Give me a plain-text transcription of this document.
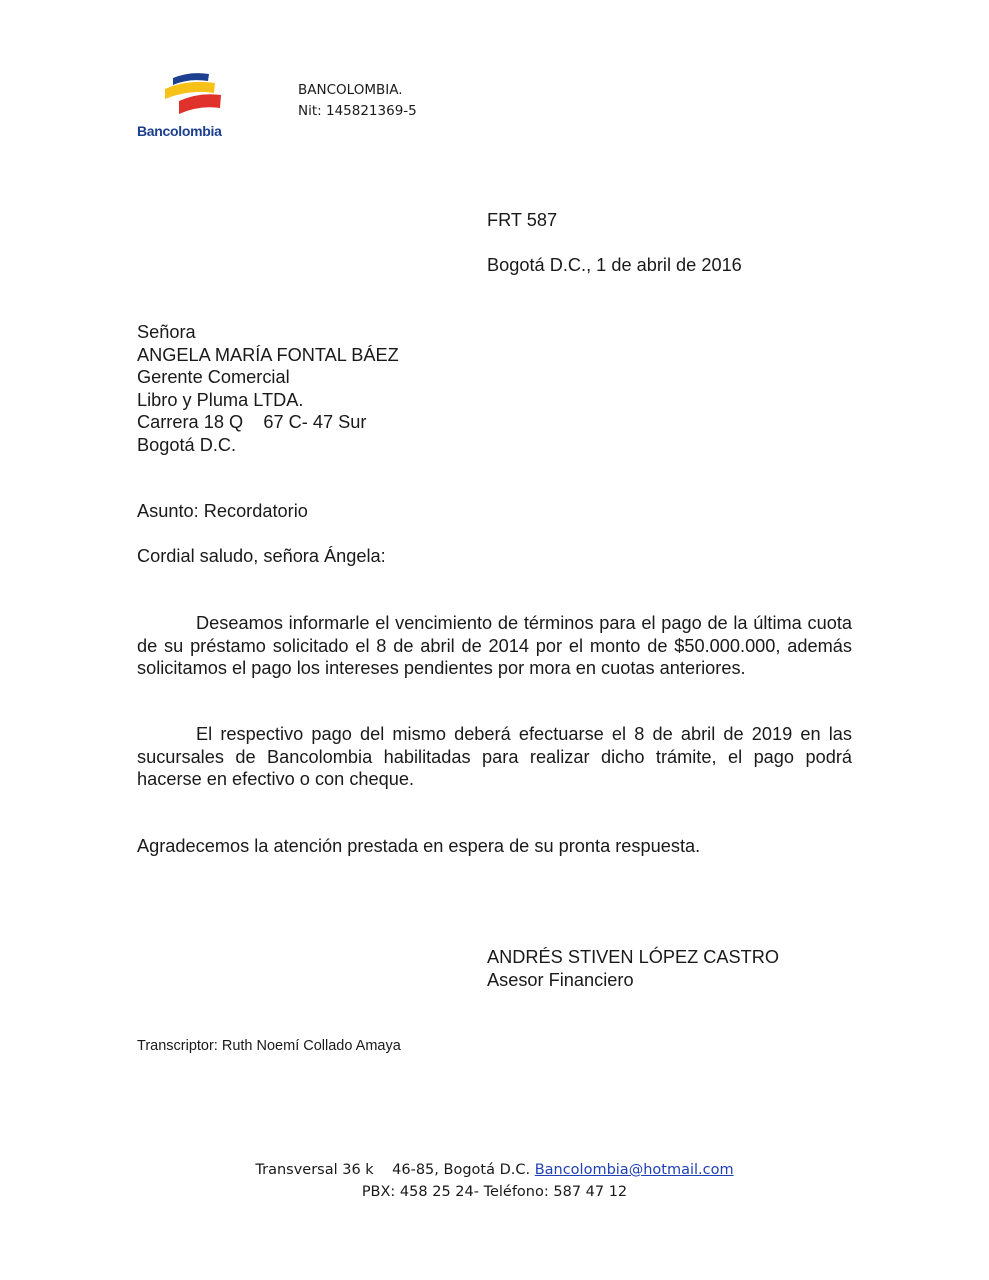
Bancolombia
BANCOLOMBIA.
Nit: 145821369-5
FRT 587
Bogotá D.C., 1 de abril de 2016
Señora
ANGELA MARÍA FONTAL BÁEZ
Gerente Comercial
Libro y Pluma LTDA.
Carrera 18 Q    67 C- 47 Sur
Bogotá D.C.
Asunto: Recordatorio
Cordial saludo, señora Ángela:
Deseamos informarle el vencimiento de términos para el pago de la última cuota de su préstamo solicitado el 8 de abril de 2014 por el monto de $50.000.000, además solicitamos el pago los intereses pendientes por mora en cuotas anteriores.
El respectivo pago del mismo deberá efectuarse el 8 de abril de 2019 en las sucursales de Bancolombia habilitadas para realizar dicho trámite, el pago podrá hacerse en efectivo o con cheque.
Agradecemos la atención prestada en espera de su pronta respuesta.
ANDRÉS STIVEN LÓPEZ CASTRO
Asesor Financiero
Transcriptor: Ruth Noemí Collado Amaya
Transversal 36 k    46-85, Bogotá D.C. Bancolombia@hotmail.com
PBX: 458 25 24- Teléfono: 587 47 12
